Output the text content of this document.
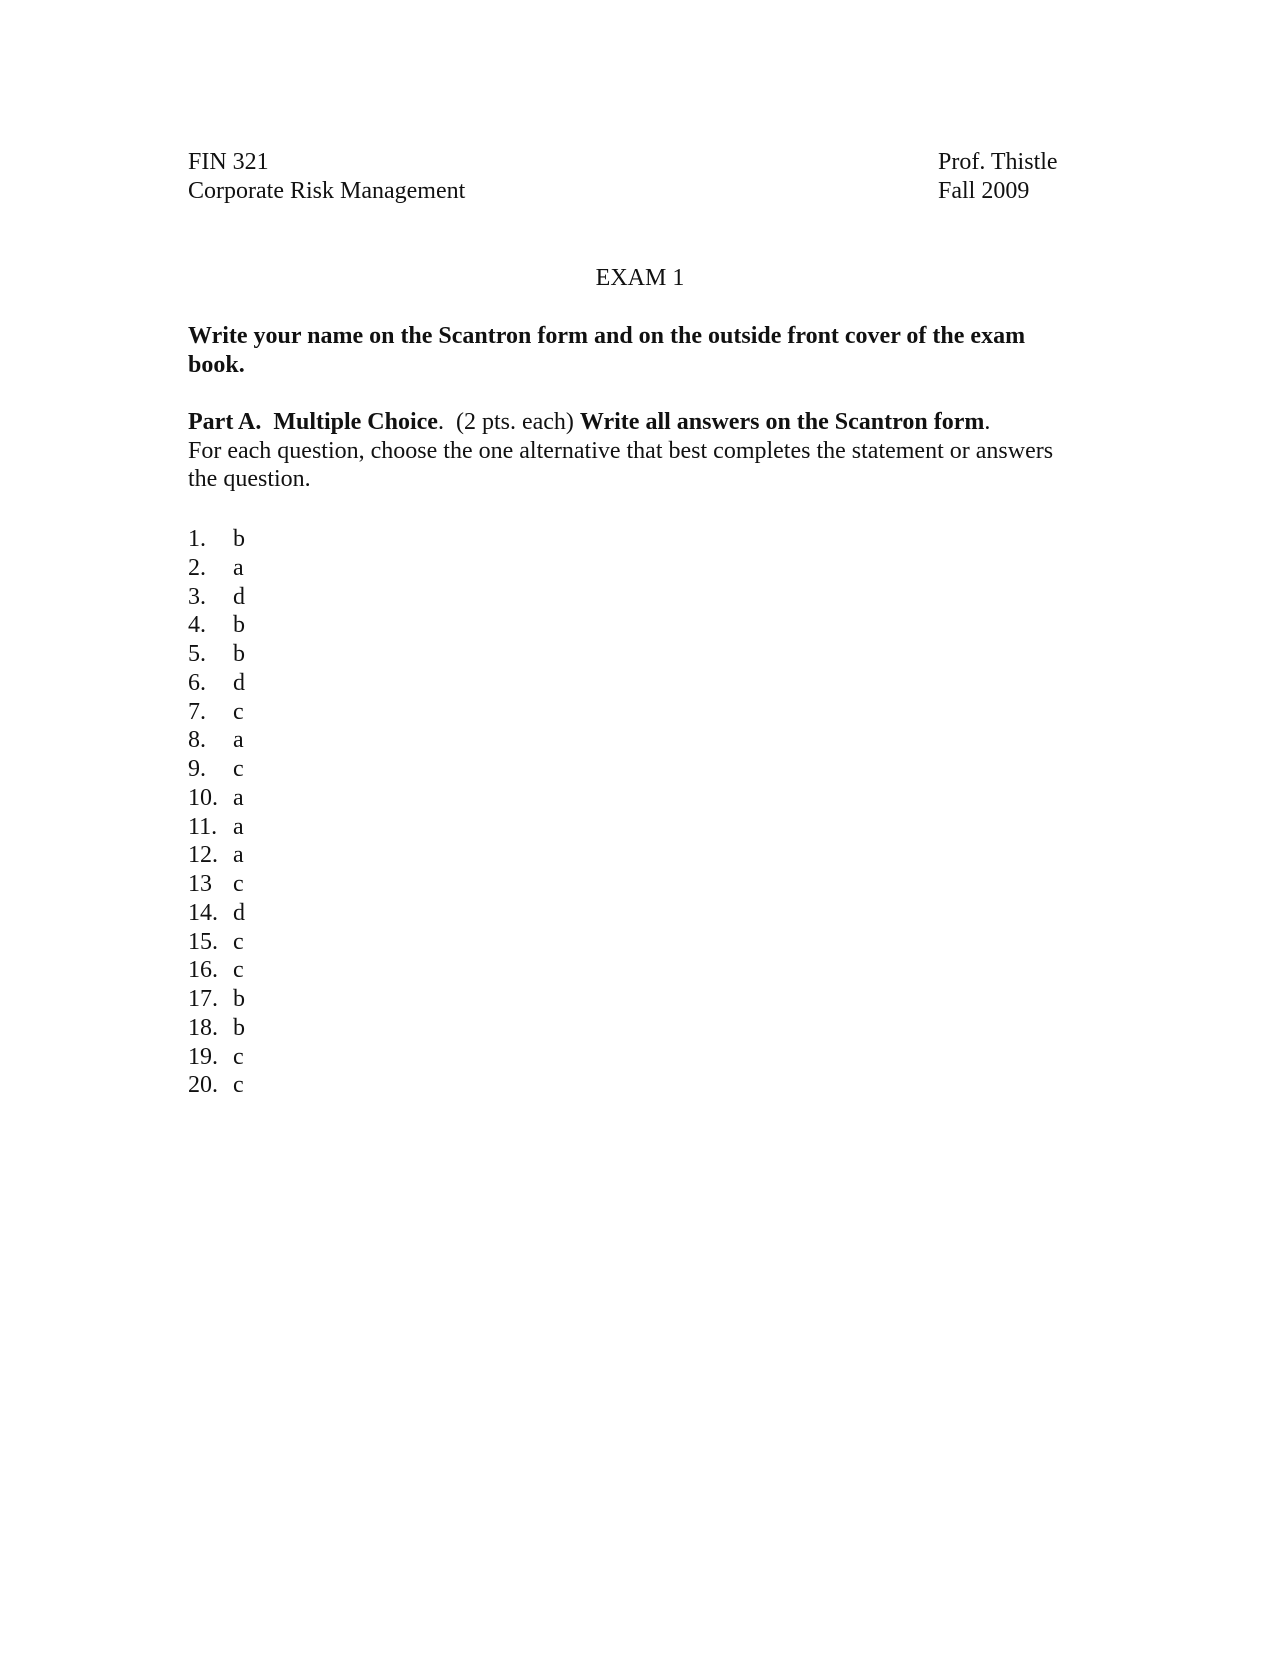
FIN 321
Corporate Risk Management
Prof. Thistle
Fall 2009
EXAM 1
Write your name on the Scantron form and on the outside front cover of the exam book.
Part A. Multiple Choice. (2 pts. each) Write all answers on the Scantron form.
For each question, choose the one alternative that best completes the statement or answers the question.
1.	b
2.	a
3.	d
4.	b
5.	b
6.	d
7.	c
8.	a
9.	c
10. a
11. a
12. a
13 c
14. d
15. c
16. c
17. b
18. b
19. c
20. c
